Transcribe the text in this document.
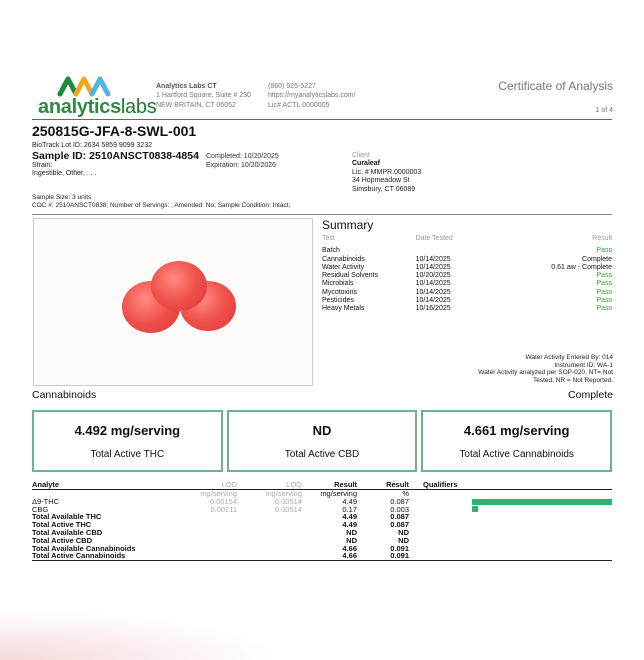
analyticslabs
Analytics Labs CT
1 Hartford Square, Suite # 230
NEW BRITAIN, CT 06052
(860) 925-5227
https://myanalyticslabs.com/
Lic# ACTL.0000005
Certificate of Analysis
1 of 4
250815G-JFA-8-SWL-001
BioTrack Lot ID: 2634 5859 9099 3232
Sample ID: 2510ANSCT0838-4854
Strain:
Ingestible, Other, . . .
Completed: 10/20/2025
Expiration: 10/20/2026
Client
Curaleaf
Lic. # MMPR.0000003
34 Hopmeadow St
Simsbury, CT 06089
Sample Size: 3 units
COC #: 2510ANSCT0838; Number of Servings: ; Amended: No; Sample Condition: Intact;
Summary
Test	Date Tested	Result
Batch		Pass
Cannabinoids	10/14/2025	Complete
Water Activity	10/14/2025	0.61 aw - Complete
Residual Solvents	10/20/2025	Pass
Microbials	10/14/2025	Pass
Mycotoxins	10/14/2025	Pass
Pesticides	10/14/2025	Pass
Heavy Metals	10/16/2025	Pass
Water Activity Entered By: 014
Instrument ID: WA-1
Water Activity analyzed per SOP-020. NT= Not
Tested, NR = Not Reported.
Cannabinoids	Complete
4.492 mg/serving
Total Active THC
ND
Total Active CBD
4.661 mg/serving
Total Active Cannabinoids
Analyte	LOD	LOQ	Result	Result	Qualifiers	
	mg/serving	mg/serving	mg/serving	%		
Δ9-THC	0.00154	0.00514	4.49	0.087		

CBG	0.00211	0.00514	0.17	0.003		

Total Available THC			4.49	0.087		
Total Active THC			4.49	0.087		
Total Available CBD			ND	ND		
Total Active CBD			ND	ND		
Total Available Cannabinoids			4.66	0.091		
Total Active Cannabinoids			4.66	0.091		
